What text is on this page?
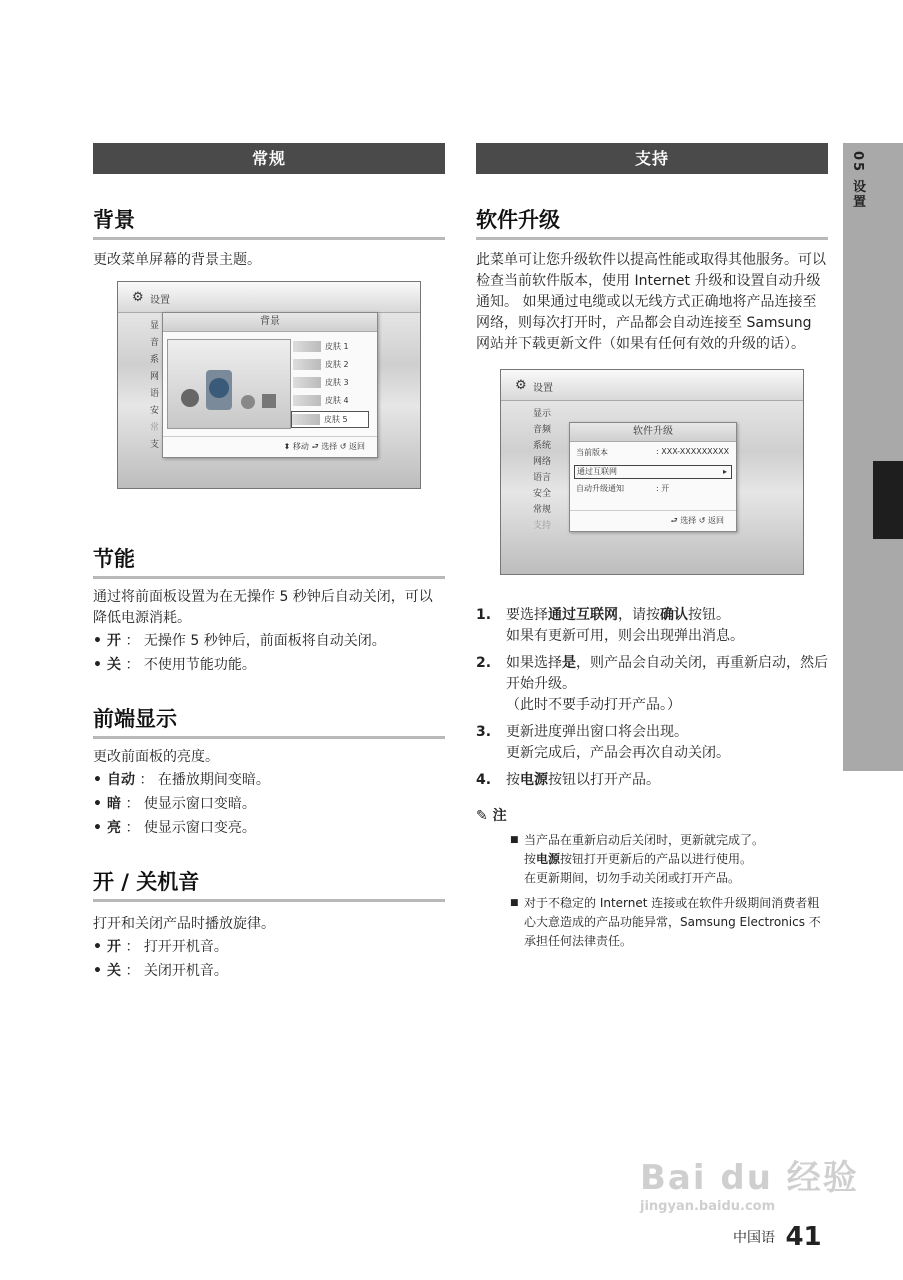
常规
背景

更改菜单屏幕的背景主题。

⚙ 设置
显
音
系
网
语
安
常
支
背景
皮肤 1
皮肤 2
皮肤 3
皮肤 4
皮肤 5
⬍ 移动 ⮐ 选择 ↺ 返回
节能

通过将前面板设置为在无操作 5 秒钟后自动关闭，可以降低电源消耗。

• 开 ： 无操作 5 秒钟后，前面板将自动关闭。
• 关 ： 不使用节能功能。
前端显示

更改前面板的亮度。

• 自动 ： 在播放期间变暗。
• 暗 ： 使显示窗口变暗。
• 亮 ： 使显示窗口变亮。
开 / 关机音

打开和关闭产品时播放旋律。

• 开 ： 打开开机音。
• 关 ： 关闭开机音。
支持
软件升级

此菜单可让您升级软件以提高性能或取得其他服务。可以检查当前软件版本，使用 Internet 升级和设置自动升级通知。 如果通过电缆或以无线方式正确地将产品连接至网络，则每次打开时，产品都会自动连接至 Samsung 网站并下载更新文件（如果有任何有效的升级的话）。

⚙ 设置
显示
音频
系统
网络
语言
安全
常规
支持
软件升级
当前版本	: XXX-XXXXXXXXX
通过互联网	▸
自动升级通知	: 开
⮐ 选择 ↺ 返回
1. 要选择通过互联网，请按确认按钮。
如果有更新可用，则会出现弹出消息。
2. 如果选择是，则产品会自动关闭，再重新启动，然后开始升级。
（此时不要手动打开产品。）
3. 更新进度弹出窗口将会出现。
更新完成后，产品会再次自动关闭。
4. 按电源按钮以打开产品。
✎ 注
■ 当产品在重新启动后关闭时，更新就完成了。
按电源按钮打开更新后的产品以进行使用。
在更新期间，切勿手动关闭或打开产品。
■ 对于不稳定的 Internet 连接或在软件升级期间消费者粗心大意造成的产品功能异常，Samsung Electronics 不承担任何法律责任。
05 设置
Bai du 经验
jingyan.baidu.com
中国语 41
